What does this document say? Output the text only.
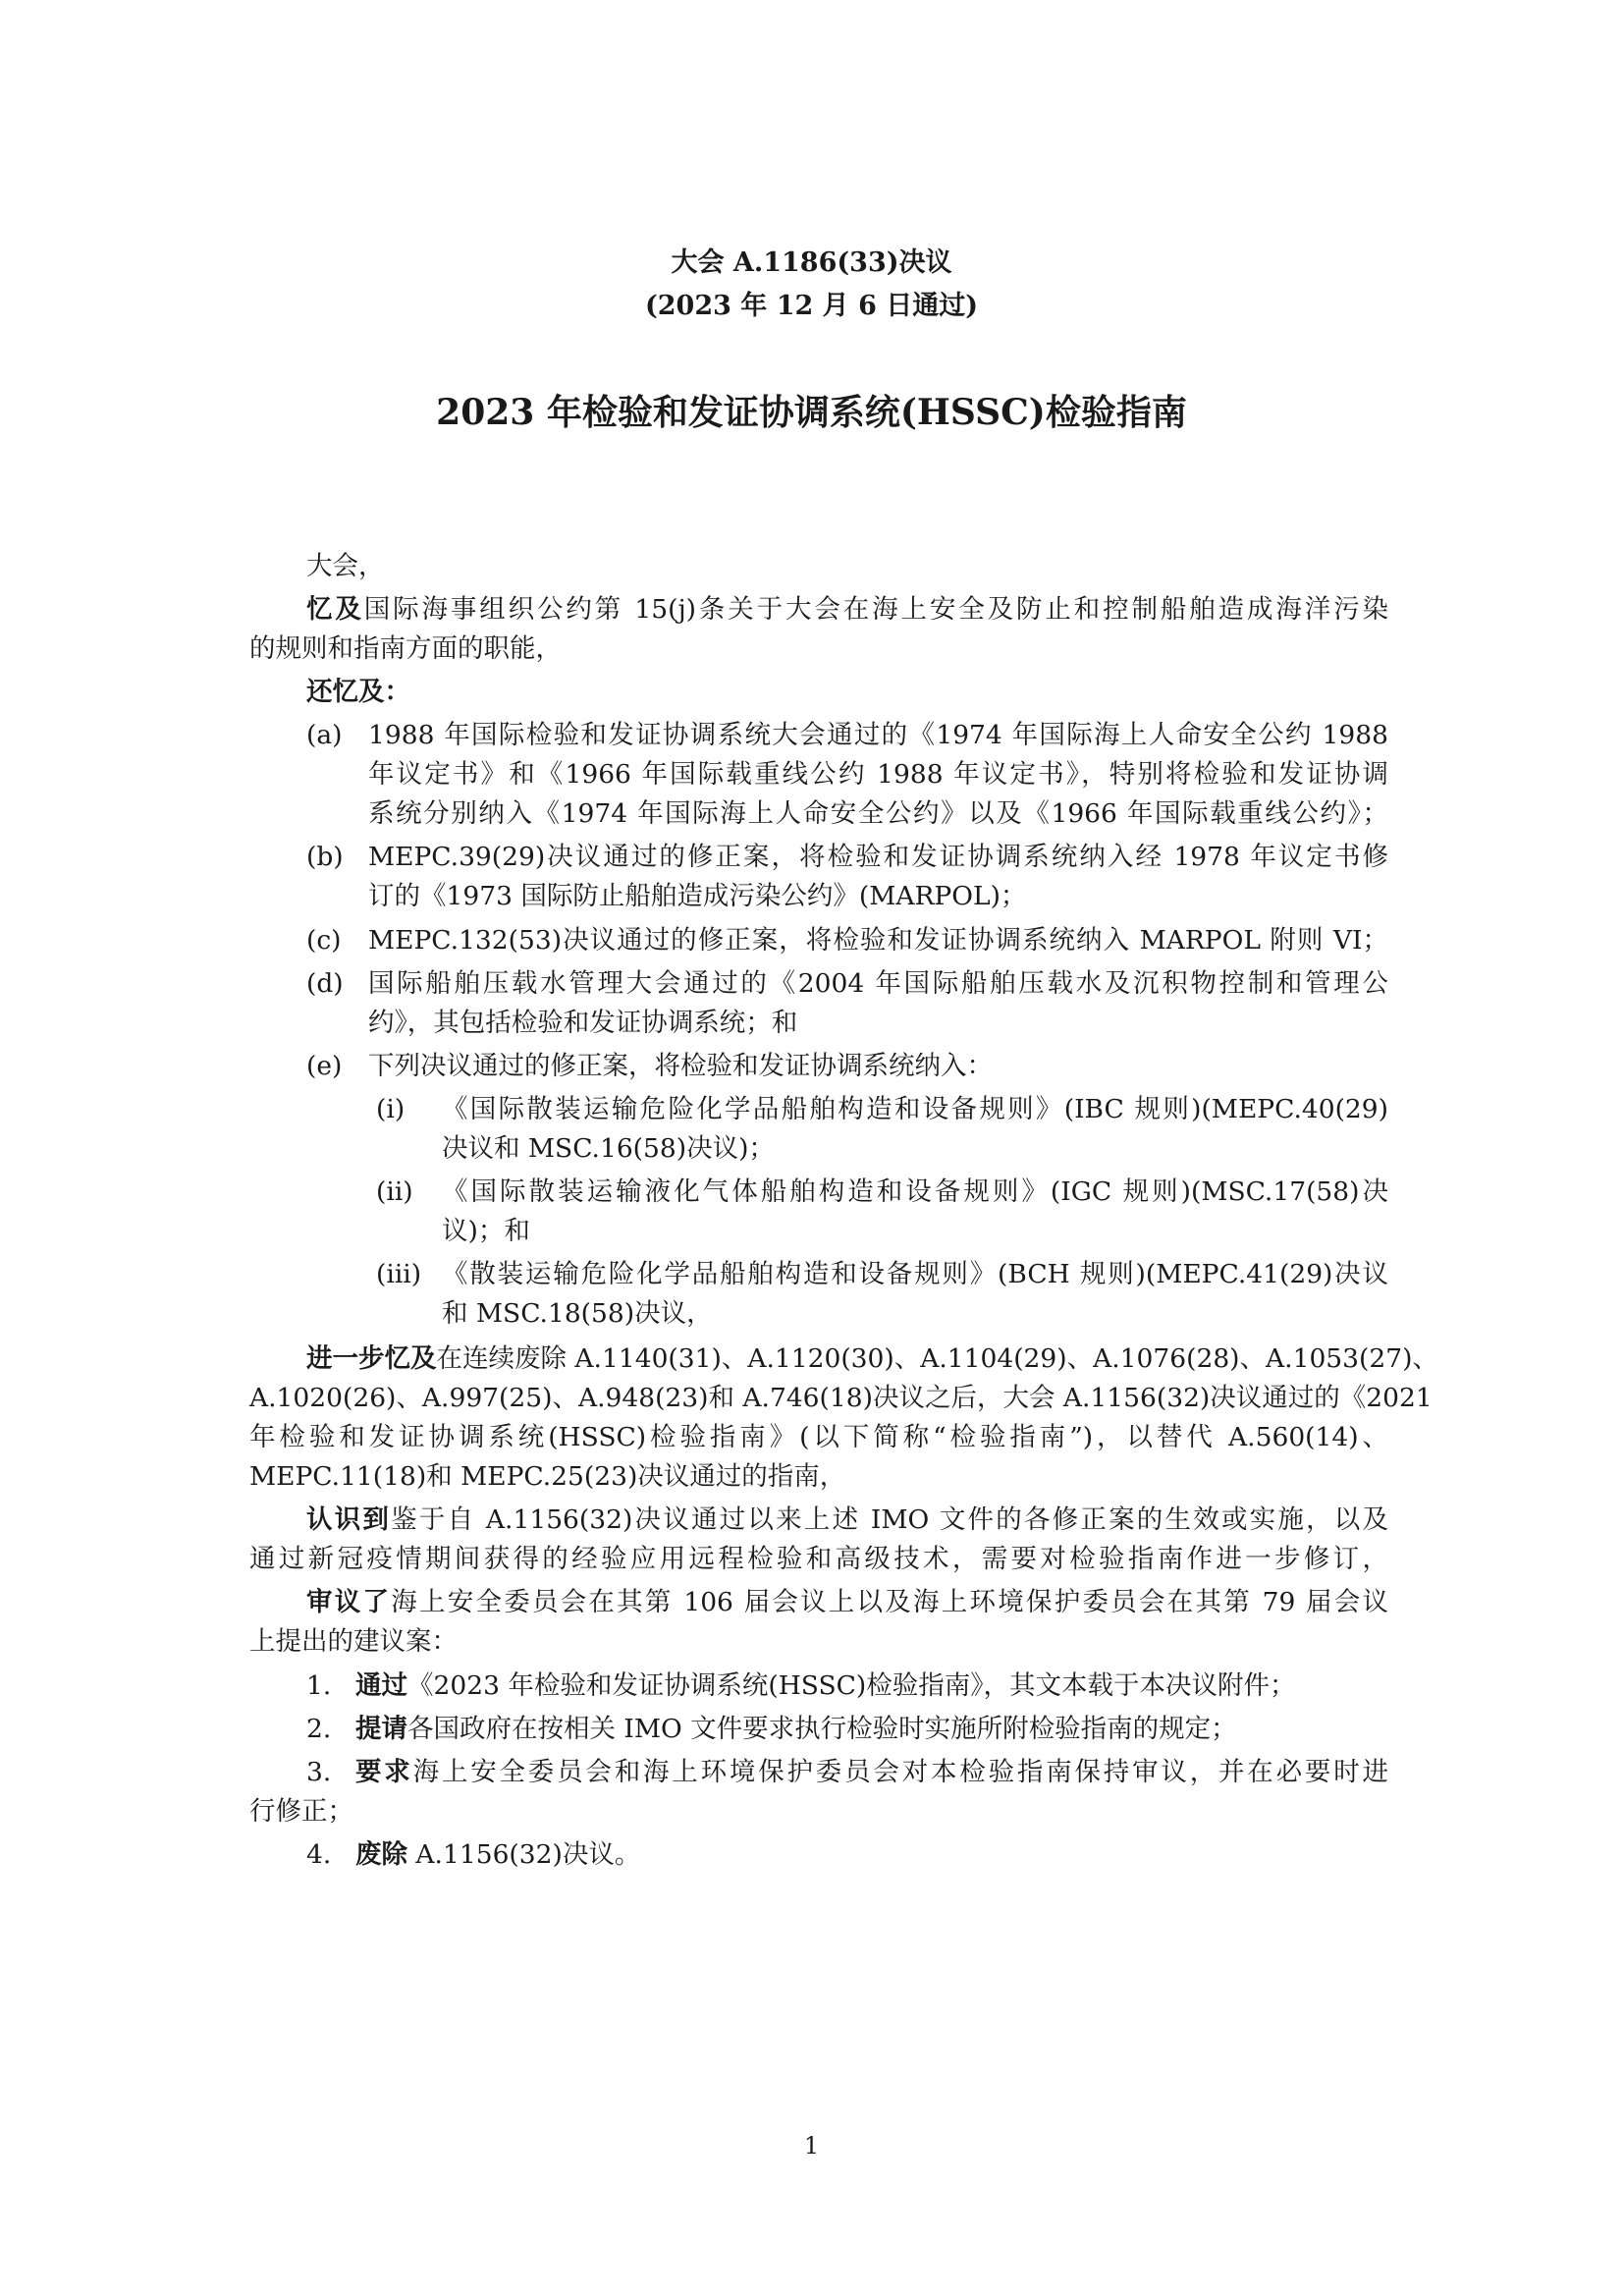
大会 A.1186(33)决议
(2023 年 12 月 6 日通过)
2023 年检验和发证协调系统(HSSC)检验指南
大会，
忆及国际海事组织公约第 15(j)条关于大会在海上安全及防止和控制船舶造成海洋污染
的规则和指南方面的职能，
还忆及：
(a) 1988 年国际检验和发证协调系统大会通过的《1974 年国际海上人命安全公约 1988
年议定书》和《1966 年国际载重线公约 1988 年议定书》，特别将检验和发证协调
系统分别纳入《1974 年国际海上人命安全公约》以及《1966 年国际载重线公约》；
(b) MEPC.39(29)决议通过的修正案，将检验和发证协调系统纳入经 1978 年议定书修
订的《1973 国际防止船舶造成污染公约》(MARPOL)；
(c) MEPC.132(53)决议通过的修正案，将检验和发证协调系统纳入 MARPOL 附则 VI；
(d) 国际船舶压载水管理大会通过的《2004 年国际船舶压载水及沉积物控制和管理公
约》，其包括检验和发证协调系统；和
(e) 下列决议通过的修正案，将检验和发证协调系统纳入：
(i) 《国际散装运输危险化学品船舶构造和设备规则》(IBC 规则)(MEPC.40(29)
决议和 MSC.16(58)决议)；
(ii) 《国际散装运输液化气体船舶构造和设备规则》(IGC 规则)(MSC.17(58)决
议)；和
(iii) 《散装运输危险化学品船舶构造和设备规则》(BCH 规则)(MEPC.41(29)决议
和 MSC.18(58)决议，
进一步忆及在连续废除 A.1140(31)、A.1120(30)、A.1104(29)、A.1076(28)、A.1053(27)、
A.1020(26)、A.997(25)、A.948(23)和 A.746(18)决议之后，大会 A.1156(32)决议通过的《2021
年检验和发证协调系统(HSSC)检验指南》(以下简称“检验指南”)，以替代 A.560(14)、
MEPC.11(18)和 MEPC.25(23)决议通过的指南，
认识到鉴于自 A.1156(32)决议通过以来上述 IMO 文件的各修正案的生效或实施，以及
通过新冠疫情期间获得的经验应用远程检验和高级技术，需要对检验指南作进一步修订，
审议了海上安全委员会在其第 106 届会议上以及海上环境保护委员会在其第 79 届会议
上提出的建议案：
1. 通过《2023 年检验和发证协调系统(HSSC)检验指南》，其文本载于本决议附件；
2. 提请各国政府在按相关 IMO 文件要求执行检验时实施所附检验指南的规定；
3. 要求海上安全委员会和海上环境保护委员会对本检验指南保持审议，并在必要时进
行修正；
4. 废除 A.1156(32)决议。
1
